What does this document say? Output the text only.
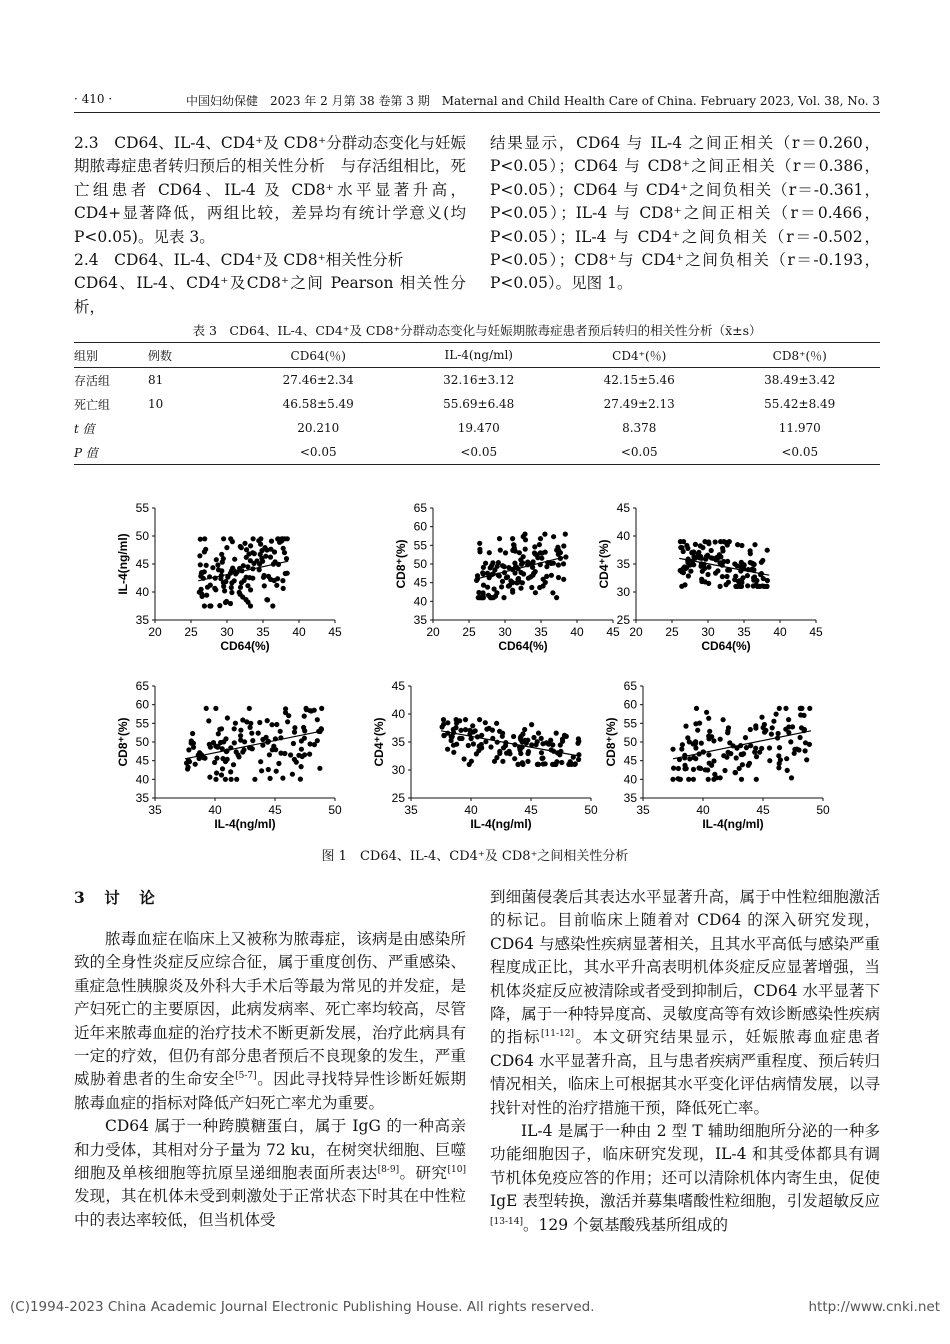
· 410 ·	中国妇幼保健　2023 年 2 月第 38 卷第 3 期　Maternal and Child Health Care of China. February 2023, Vol. 38, No. 3

2.3　CD64、IL-4、CD4⁺及 CD8⁺分群动态变化与妊娠期脓毒症患者转归预后的相关性分析　与存活组相比，死亡组患者 CD64、IL-4 及 CD8⁺水平显著升高，CD4+显著降低，两组比较，差异均有统计学意义(均 P<0.05)。见表 3。

2.4　CD64、IL-4、CD4⁺及 CD8⁺相关性分析

CD64、IL-4、CD4⁺及CD8⁺之间 Pearson 相关性分析，

结果显示，CD64 与 IL-4 之间正相关（r＝0.260，P<0.05）；CD64 与 CD8⁺之间正相关（r＝0.386，P<0.05）；CD64 与 CD4⁺之间负相关（r＝-0.361，P<0.05）；IL-4 与 CD8⁺之间正相关（r＝0.466，P<0.05）；IL-4 与 CD4⁺之间负相关（r＝-0.502，P<0.05）；CD8⁺与 CD4⁺之间负相关（r＝-0.193，P<0.05）。见图 1。

表 3　CD64、IL-4、CD4⁺及 CD8⁺分群动态变化与妊娠期脓毒症患者预后转归的相关性分析（x̄±s）
组别	例数	CD64(％)	IL-4(ng/ml)	CD4⁺(％)	CD8⁺(％)
存活组	81	27.46±2.34	32.16±3.12	42.15±5.46	38.49±3.42
死亡组	10	46.58±5.49	55.69±6.48	27.49±2.13	55.42±8.49
t 值		20.210	19.470	8.378	11.970
P 值		<0.05	<0.05	<0.05	<0.05
35
40
45
50
55
20 25 30 35 40 45
CD64(%)
IL-4(ng/ml)
35
40
45
50
55
60
65
20 25 30 35 40 45
CD64(%)
CD8⁺(%)
25
30
35
40
45
20 25 30 35 40 45
CD64(%)
CD4⁺(%)
35
40
45
50
55
60
65
35	40	45	50
IL-4(ng/ml)
CD8⁺(%)
25
30
35
40
45
35	40	45	50
IL-4(ng/ml)
CD4⁺(%)
35
40
45
50
55
60
65
35	40	45	50
IL-4(ng/ml)
CD8⁺(%)
图 1　CD64、IL-4、CD4⁺及 CD8⁺之间相关性分析
3　讨　论

脓毒血症在临床上又被称为脓毒症，该病是由感染所致的全身性炎症反应综合征，属于重度创伤、严重感染、重症急性胰腺炎及外科大手术后等最为常见的并发症，是产妇死亡的主要原因，此病发病率、死亡率均较高，尽管近年来脓毒血症的治疗技术不断更新发展，治疗此病具有一定的疗效，但仍有部分患者预后不良现象的发生，严重威胁着患者的生命安全[5-7]。因此寻找特异性诊断妊娠期脓毒血症的指标对降低产妇死亡率尤为重要。

CD64 属于一种跨膜糖蛋白，属于 IgG 的一种高亲和力受体，其相对分子量为 72 ku，在树突状细胞、巨噬细胞及单核细胞等抗原呈递细胞表面所表达[8-9]。研究[10]发现，其在机体未受到刺激处于正常状态下时其在中性粒中的表达率较低，但当机体受

到细菌侵袭后其表达水平显著升高，属于中性粒细胞激活的标记。目前临床上随着对 CD64 的深入研究发现，CD64 与感染性疾病显著相关，且其水平高低与感染严重程度成正比，其水平升高表明机体炎症反应显著增强，当机体炎症反应被清除或者受到抑制后，CD64 水平显著下降，属于一种特异度高、灵敏度高等有效诊断感染性疾病的指标[11-12]。本文研究结果显示，妊娠脓毒血症患者 CD64 水平显著升高，且与患者疾病严重程度、预后转归情况相关，临床上可根据其水平变化评估病情发展，以寻找针对性的治疗措施干预，降低死亡率。

IL-4 是属于一种由 2 型 T 辅助细胞所分泌的一种多功能细胞因子，临床研究发现，IL-4 和其受体都具有调节机体免疫应答的作用；还可以清除机体内寄生虫，促使 IgE 表型转换，激活并募集嗜酸性粒细胞，引发超敏反应[13-14]。129 个氨基酸残基所组成的

(C)1994-2023 China Academic Journal Electronic Publishing House. All rights reserved.	http://www.cnki.net
